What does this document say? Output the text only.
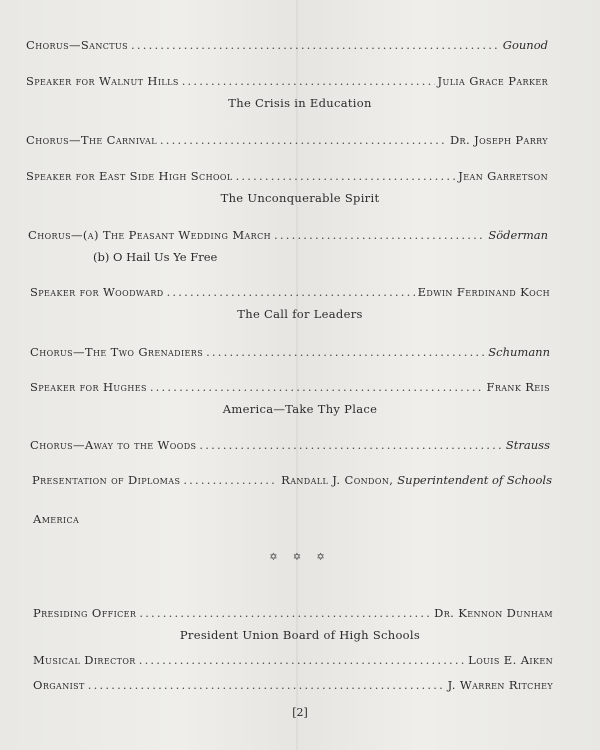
Chorus—Sanctus .....	Gounod
Speaker for Walnut Hills .....	Julia Grace Parker
The Crisis in Education
Chorus—The Carnival .....	Dr. Joseph Parry
Speaker for East Side High School .....	Jean Garretson
The Unconquerable Spirit
Chorus—(a) The Peasant Wedding March .....	Söderman
(b) O Hail Us Ye Free
Speaker for Woodward .....	Edwin Ferdinand Koch
The Call for Leaders
Chorus—The Two Grenadiers .....	Schumann
Speaker for Hughes .....	Frank Reis
America—Take Thy Place
Chorus—Away to the Woods .....	Strauss
Presentation of Diplomas .....	Randall J. Condon, Superintendent of Schools
America
✡ ✡ ✡
Presiding Officer .....	Dr. Kennon Dunham
President Union Board of High Schools
Musical Director .....	Louis E. Aiken
Organist .....	J. Warren Ritchey
[2]
